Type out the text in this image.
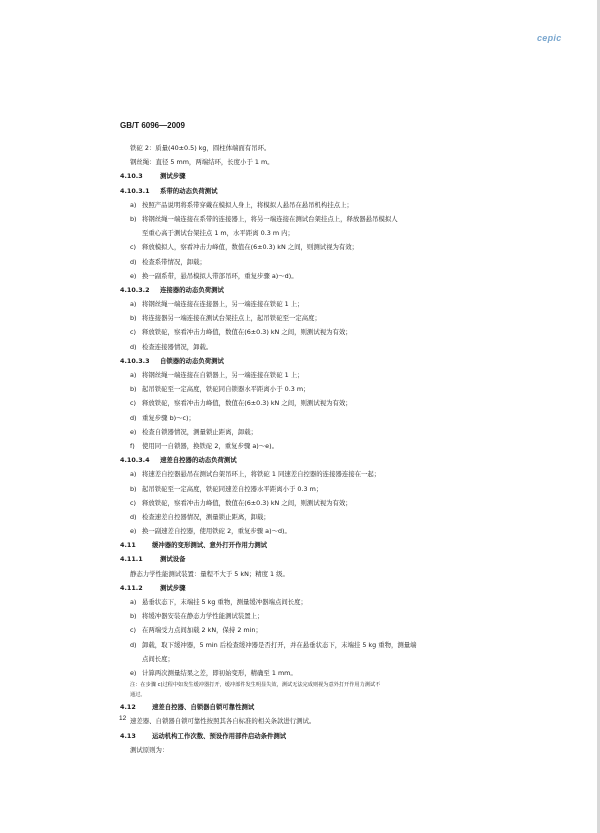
cepic
GB/T 6096—2009
铁砣 2：质量(40±0.5) kg，圆柱体端面有吊环。
钢丝绳：直径 5 mm，两端结环，长度小于 1 m。
4.10.3	测试步骤
4.10.3.1 系带的动态负荷测试
a) 按照产品说明将系带穿戴在模拟人身上，将模拟人悬吊在悬吊机构挂点上；
b) 将钢丝绳一端连接在系带的连接器上，将另一端连接在测试台架挂点上，释放器悬吊模拟人
至重心高于测试台架挂点 1 m，水平距离 0.3 m 内；
c) 释放模拟人，察看冲击力峰值，数值在(6±0.3) kN 之间，则测试视为有效；
d) 检查系带情况，卸载；
e) 换一副系带，悬吊模拟人带部吊环，重复步骤 a)～d)。
4.10.3.2 连接器的动态负荷测试
a) 将钢丝绳一端连接在连接器上，另一端连接在铁砣 1 上；
b) 将连接器另一端连接在测试台架挂点上，起吊铁砣至一定高度；
c) 释放铁砣，察看冲击力峰值，数值在(6±0.3) kN 之间，则测试视为有效；
d) 检查连接器情况，卸载。
4.10.3.3 自锁器的动态负荷测试
a) 将钢丝绳一端连接在自锁器上，另一端连接在铁砣 1 上；
b) 起吊铁砣至一定高度，铁砣同自锁器水平距离小于 0.3 m；
c) 释放铁砣，察看冲击力峰值，数值在(6±0.3) kN 之间，则测试视为有效；
d) 重复步骤 b)～c)；
e) 检查自锁器情况，测量锁止距离，卸载；
f) 使用同一自锁器，换铁砣 2，重复步骤 a)～e)。
4.10.3.4 速差自控器的动态负荷测试
a) 将速差自控器悬吊在测试台架吊环上，将铁砣 1 同速差自控器的连接器连接在一起；
b) 起吊铁砣至一定高度，铁砣同速差自控器水平距离小于 0.3 m；
c) 释放铁砣，察看冲击力峰值，数值在(6±0.3) kN 之间，则测试视为有效；
d) 检查速差自控器情况，测量锁止距离，卸载；
e) 换一副速差自控器，使用铁砣 2，重复步骤 a)～d)。
4.11	缓冲器的变形测试、意外打开作用力测试
4.11.1	测试设备
静态力学性能测试装置：量程不大于 5 kN；精度 1 级。
4.11.2	测试步骤
a) 悬垂状态下，末端挂 5 kg 重物，测量缓冲器端点间长度；
b) 将缓冲器安装在静态力学性能测试装置上；
c) 在两端受力点间加载 2 kN，保持 2 min；
d) 卸载，取下缓冲器，5 min 后检查缓冲器是否打开，并在悬垂状态下，末端挂 5 kg 重物，测量端
点间长度；
e) 计算两次测量结果之差，即初始变形，精确至 1 mm。
注：在步骤 c)过程中如发生缓冲器打开，缓冲部件发生明显失效，测试无法完成则视为意外打开作用力测试不
通过。
4.12	速差自控器、自锁器自锁可靠性测试
速差器、自锁器自锁可靠性按照其各自标准的相关条款进行测试。
4.13	运动机构工作次数、预设作用部件启动条件测试
测试原则为：
12
